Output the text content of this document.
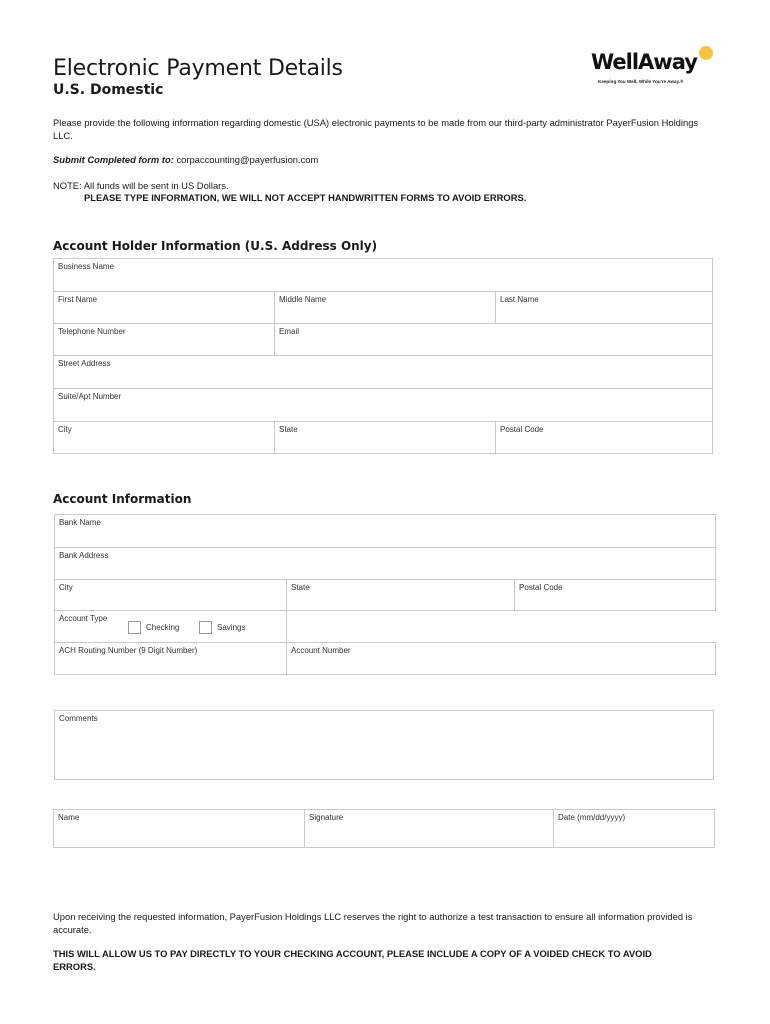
Electronic Payment Details
U.S. Domestic
WellAway
Keeping You Well, While You're Away.®
Please provide the following information regarding domestic (USA) electronic payments to be made from our third-party administrator PayerFusion Holdings LLC.
Submit Completed form to: corpaccounting@payerfusion.com
NOTE: All funds will be sent in US Dollars.
PLEASE TYPE INFORMATION, WE WILL NOT ACCEPT HANDWRITTEN FORMS TO AVOID ERRORS.
Account Holder Information (U.S. Address Only)
Business Name
First Name	Middle Name	Last Name
Telephone Number	Email
Street Address
Suite/Apt Number
City	State	Postal Code
Account Information
Bank Name
Bank Address
City	State	Postal Code
Account Type
Checking	Savings
ACH Routing Number (9 Digit Number)	Account Number
Comments
Name	Signature	Date (mm/dd/yyyy)
Upon receiving the requested information, PayerFusion Holdings LLC reserves the right to authorize a test transaction to ensure all information provided is accurate.
THIS WILL ALLOW US TO PAY DIRECTLY TO YOUR CHECKING ACCOUNT, PLEASE INCLUDE A COPY OF A VOIDED CHECK TO AVOID ERRORS.
